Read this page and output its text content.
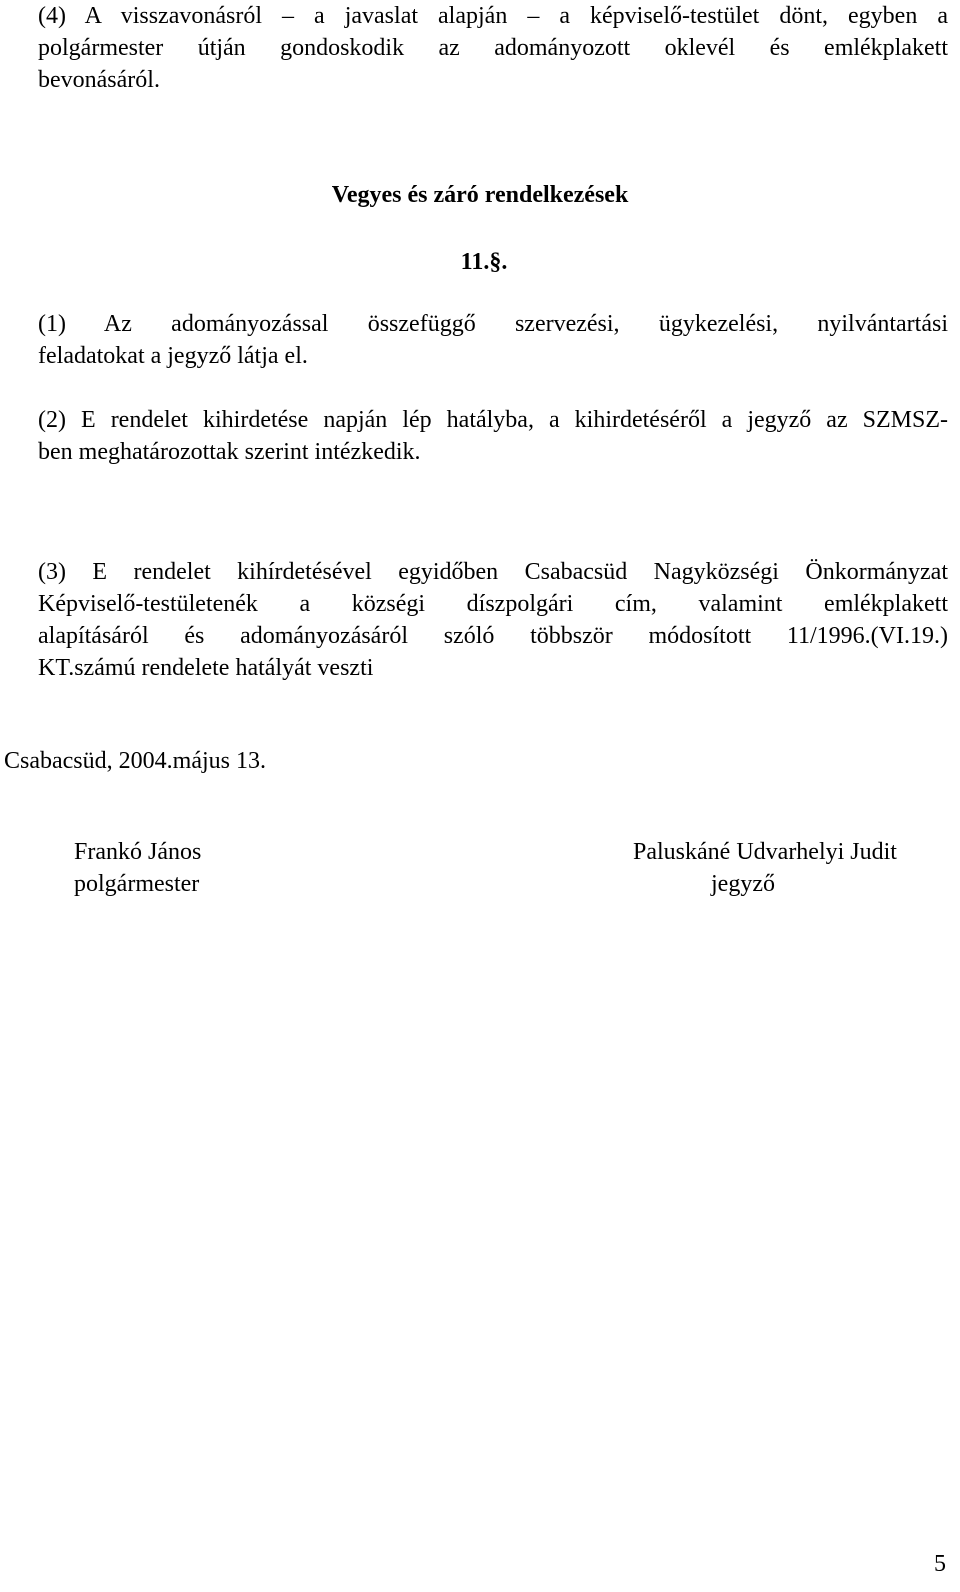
(4) A visszavonásról – a javaslat alapján – a képviselő-testület dönt, egyben a
polgármester útján gondoskodik az adományozott oklevél és emlékplakett
bevonásáról.
Vegyes és záró rendelkezések
11.§.
(1) Az adományozással összefüggő szervezési, ügykezelési, nyilvántartási
feladatokat a jegyző látja el.
(2) E rendelet kihirdetése napján lép hatályba, a kihirdetéséről a jegyző az SZMSZ-
ben meghatározottak szerint intézkedik.
(3) E rendelet kihírdetésével egyidőben Csabacsüd Nagyközségi Önkormányzat
Képviselő-testületenék a községi díszpolgári cím, valamint emlékplakett
alapításáról és adományozásáról szóló többször módosított 11/1996.(VI.19.)
KT.számú rendelete hatályát veszti
Csabacsüd, 2004.május 13.
Frankó János
polgármester
Paluskáné Udvarhelyi Judit
jegyző
5
